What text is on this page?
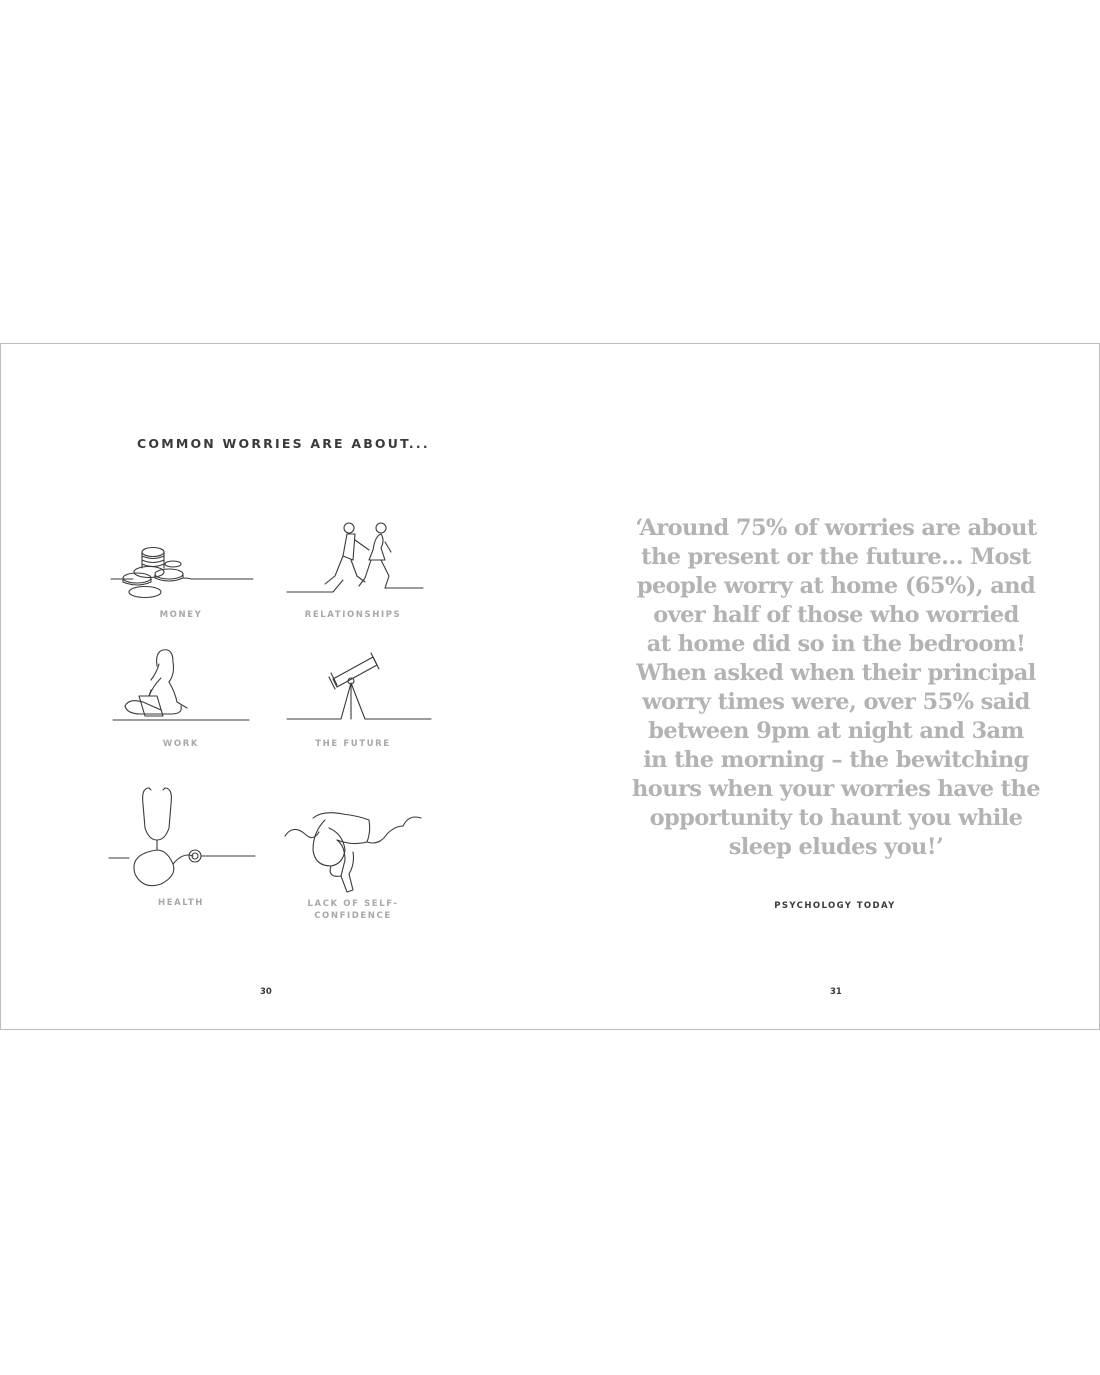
COMMON WORRIES ARE ABOUT...
MONEY	RELATIONSHIPS
WORK	THE FUTURE
HEALTH	LACK OF SELF-
CONFIDENCE
30
‘Around 75% of worries are about
the present or the future… Most
people worry at home (65%), and
over half of those who worried
at home did so in the bedroom!
When asked when their principal
worry times were, over 55% said
between 9pm at night and 3am
in the morning – the bewitching
hours when your worries have the
opportunity to haunt you while
sleep eludes you!’
PSYCHOLOGY TODAY
31
